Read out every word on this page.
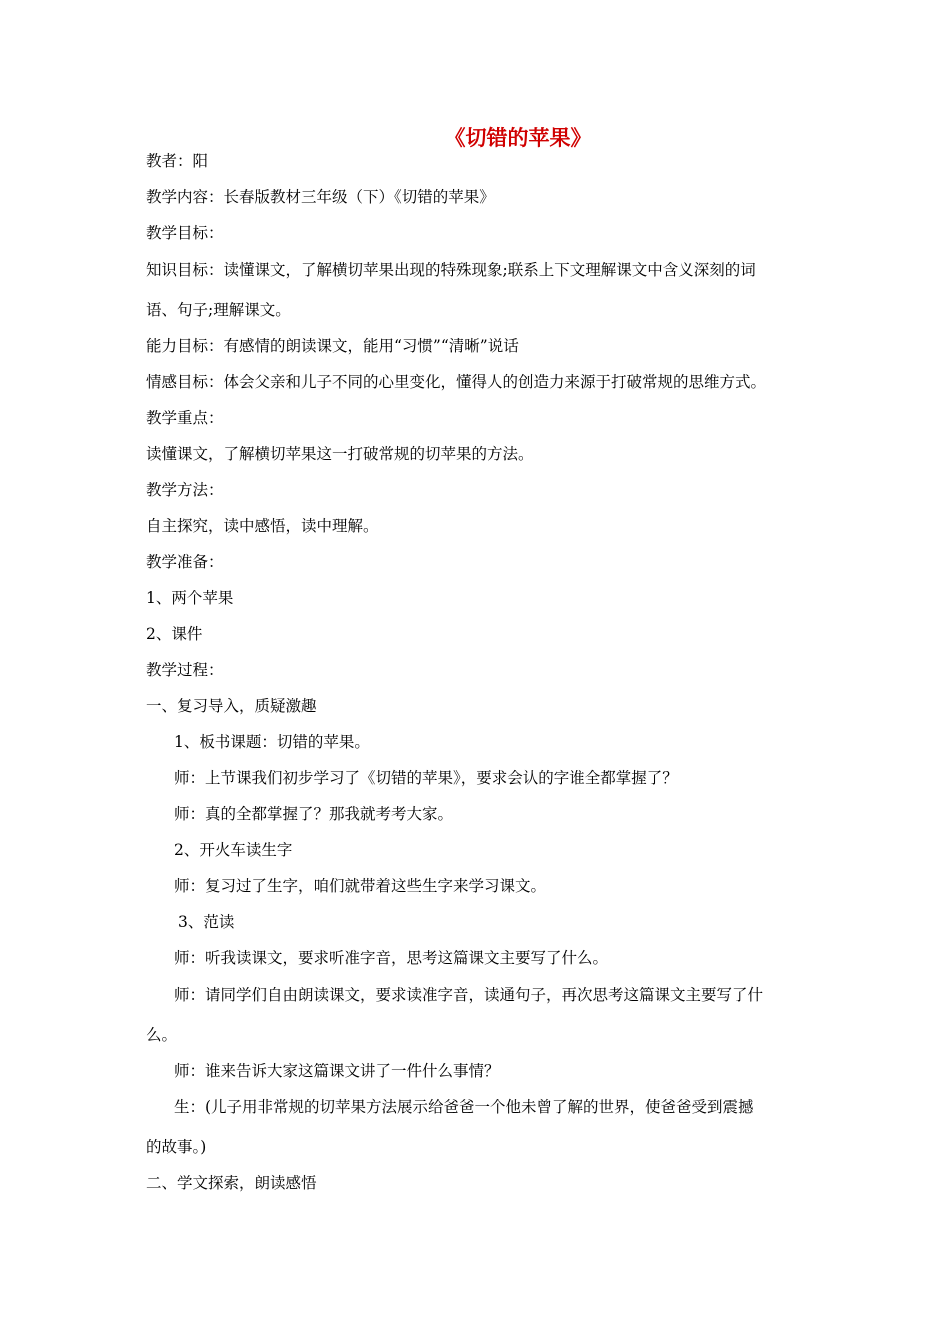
《切错的苹果》
教者：阳
教学内容：长春版教材三年级（下）《切错的苹果》
教学目标：
知识目标：读懂课文，了解横切苹果出现的特殊现象;联系上下文理解课文中含义深刻的词
语、句子;理解课文。
能力目标：有感情的朗读课文，能用“习惯”“清晰”说话
情感目标：体会父亲和儿子不同的心里变化，懂得人的创造力来源于打破常规的思维方式。
教学重点：
读懂课文，了解横切苹果这一打破常规的切苹果的方法。
教学方法：
自主探究，读中感悟，读中理解。
教学准备：
1、两个苹果
2、课件
教学过程：
一、复习导入，质疑激趣
1、板书课题：切错的苹果。
师：上节课我们初步学习了《切错的苹果》，要求会认的字谁全都掌握了？
师：真的全都掌握了？那我就考考大家。
2、开火车读生字
师：复习过了生字，咱们就带着这些生字来学习课文。
3、范读
师：听我读课文，要求听准字音，思考这篇课文主要写了什么。
师：请同学们自由朗读课文，要求读准字音，读通句子，再次思考这篇课文主要写了什
么。
师：谁来告诉大家这篇课文讲了一件什么事情？
生：(儿子用非常规的切苹果方法展示给爸爸一个他未曾了解的世界，使爸爸受到震撼
的故事。)
二、学文探索，朗读感悟
